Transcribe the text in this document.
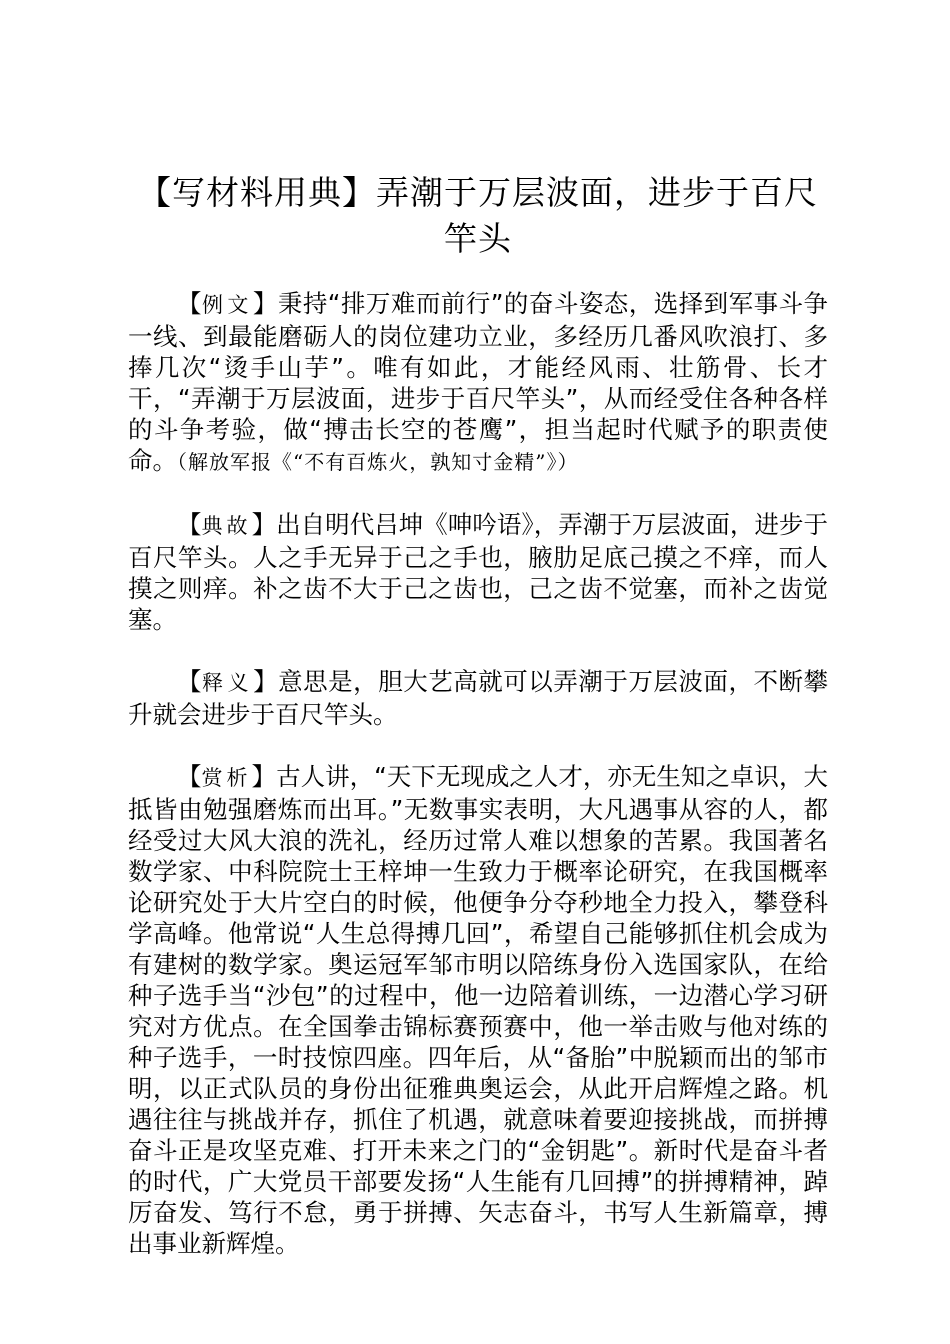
【写材料用典】弄潮于万层波面，进步于百尺竿头

【例文】秉持“排万难而前行”的奋斗姿态，选择到军事斗争一线、到最能磨砺人的岗位建功立业，多经历几番风吹浪打、多捧几次“烫手山芋”。唯有如此，才能经风雨、壮筋骨、长才干，“弄潮于万层波面，进步于百尺竿头”，从而经受住各种各样的斗争考验，做“搏击长空的苍鹰”，担当起时代赋予的职责使命。（解放军报《“不有百炼火，孰知寸金精”》）

【典故】出自明代吕坤《呻吟语》，弄潮于万层波面，进步于百尺竿头。人之手无异于己之手也，腋肋足底己摸之不痒，而人摸之则痒。补之齿不大于己之齿也，己之齿不觉塞，而补之齿觉塞。

【释义】意思是，胆大艺高就可以弄潮于万层波面，不断攀升就会进步于百尺竿头。

【赏析】古人讲，“天下无现成之人才，亦无生知之卓识，大抵皆由勉强磨炼而出耳。”无数事实表明，大凡遇事从容的人，都经受过大风大浪的洗礼，经历过常人难以想象的苦累。我国著名数学家、中科院院士王梓坤一生致力于概率论研究，在我国概率论研究处于大片空白的时候，他便争分夺秒地全力投入，攀登科学高峰。他常说“人生总得搏几回”，希望自己能够抓住机会成为有建树的数学家。奥运冠军邹市明以陪练身份入选国家队，在给种子选手当“沙包”的过程中，他一边陪着训练，一边潜心学习研究对方优点。在全国拳击锦标赛预赛中，他一举击败与他对练的种子选手，一时技惊四座。四年后，从“备胎”中脱颖而出的邹市明，以正式队员的身份出征雅典奥运会，从此开启辉煌之路。机遇往往与挑战并存，抓住了机遇，就意味着要迎接挑战，而拼搏奋斗正是攻坚克难、打开未来之门的“金钥匙”。新时代是奋斗者的时代，广大党员干部要发扬“人生能有几回搏”的拼搏精神，踔厉奋发、笃行不怠，勇于拼搏、矢志奋斗，书写人生新篇章，搏出事业新辉煌。
